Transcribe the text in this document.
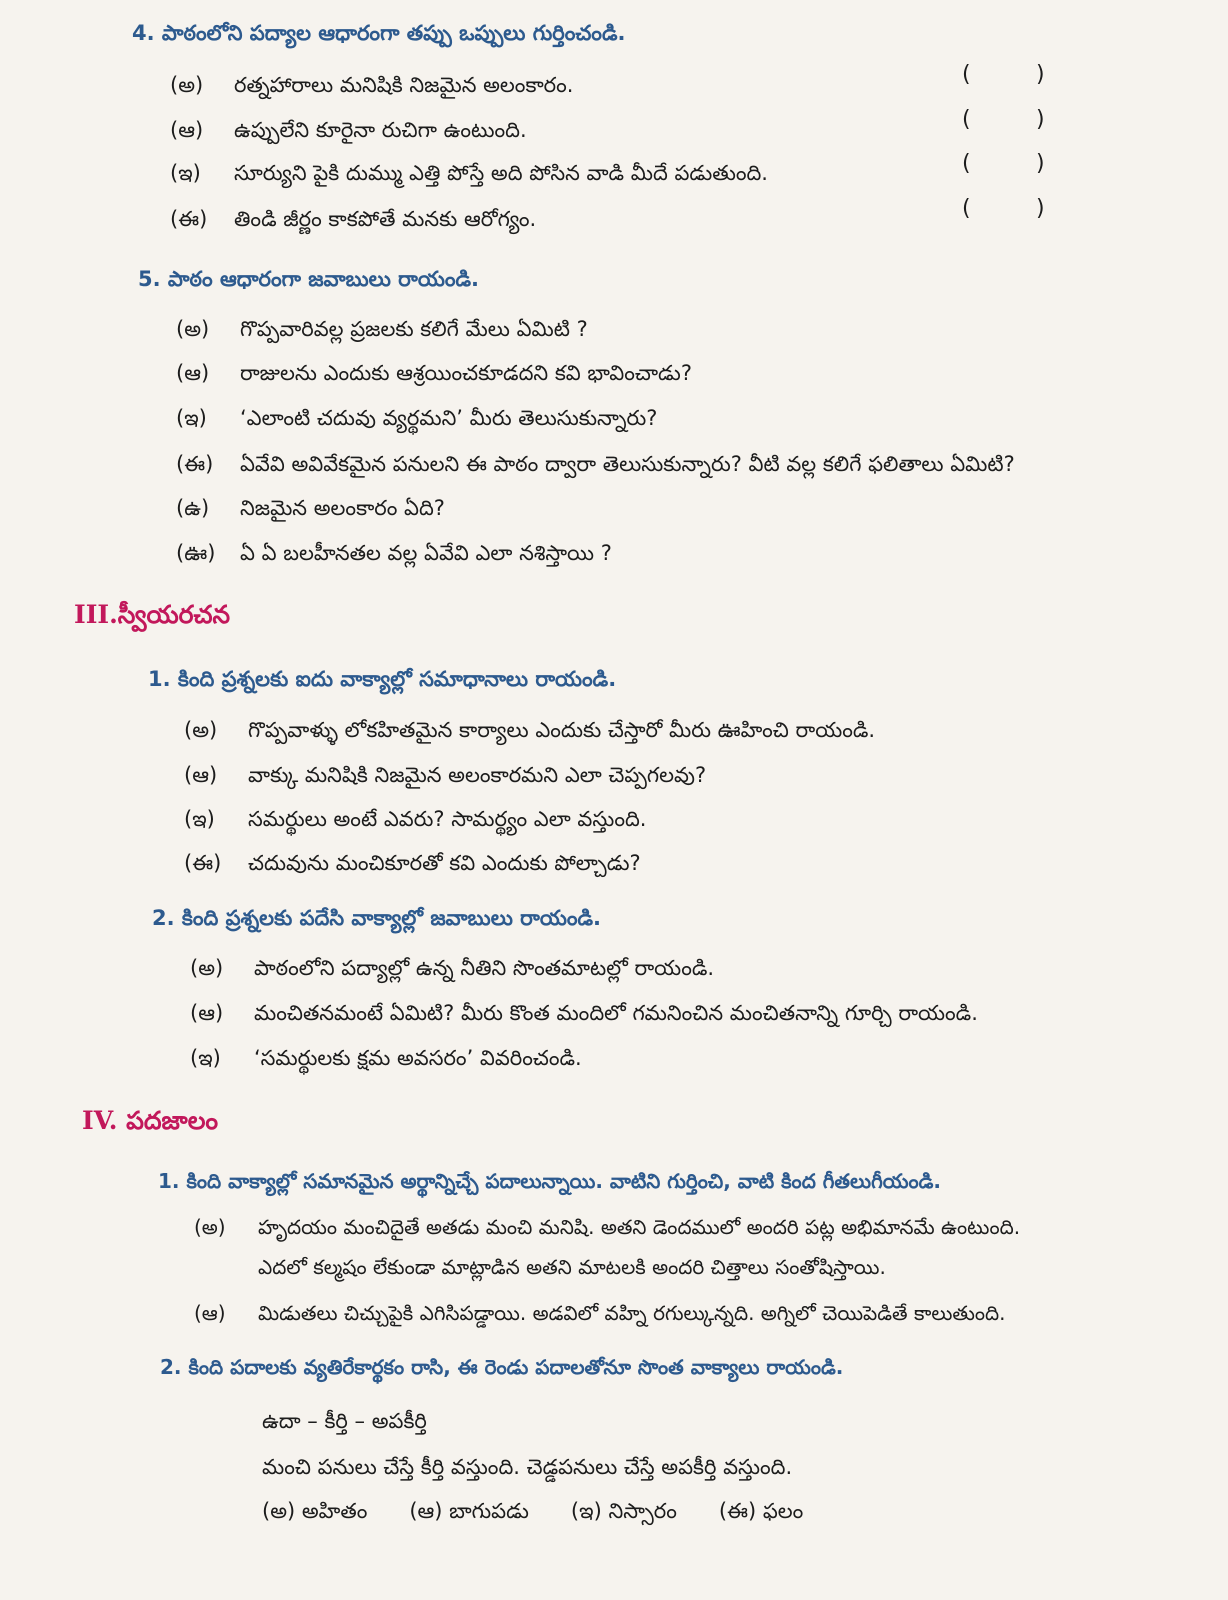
4. పాఠంలోని పద్యాల ఆధారంగా తప్పు ఒప్పులు గుర్తించండి.
(అ) రత్నహారాలు మనిషికి నిజమైన అలంకారం.	(	)
(ఆ) ఉప్పులేని కూరైనా రుచిగా ఉంటుంది.	(	)
(ఇ) సూర్యుని పైకి దుమ్ము ఎత్తి పోస్తే అది పోసిన వాడి మీదే పడుతుంది.	(	)
(ఈ) తిండి జీర్ణం కాకపోతే మనకు ఆరోగ్యం.	(	)
5. పాఠం ఆధారంగా జవాబులు రాయండి.
(అ) గొప్పవారివల్ల ప్రజలకు కలిగే మేలు ఏమిటి ?
(ఆ) రాజులను ఎందుకు ఆశ్రయించకూడదని కవి భావించాడు?
(ఇ) ‘ఎలాంటి చదువు వ్యర్థమని’ మీరు తెలుసుకున్నారు?
(ఈ) ఏవేవి అవివేకమైన పనులని ఈ పాఠం ద్వారా తెలుసుకున్నారు? వీటి వల్ల కలిగే ఫలితాలు ఏమిటి?
(ఉ) నిజమైన అలంకారం ఏది?
(ఊ) ఏ ఏ బలహీనతల వల్ల ఏవేవి ఎలా నశిస్తాయి ?
III.స్వీయరచన
1. కింది ప్రశ్నలకు ఐదు వాక్యాల్లో సమాధానాలు రాయండి.
(అ) గొప్పవాళ్ళు లోకహితమైన కార్యాలు ఎందుకు చేస్తారో మీరు ఊహించి రాయండి.
(ఆ) వాక్కు మనిషికి నిజమైన అలంకారమని ఎలా చెప్పగలవు?
(ఇ) సమర్థులు అంటే ఎవరు? సామర్థ్యం ఎలా వస్తుంది.
(ఈ) చదువును మంచికూరతో కవి ఎందుకు పోల్చాడు?
2. కింది ప్రశ్నలకు పదేసి వాక్యాల్లో జవాబులు రాయండి.
(అ) పాఠంలోని పద్యాల్లో ఉన్న నీతిని సొంతమాటల్లో రాయండి.
(ఆ) మంచితనమంటే ఏమిటి? మీరు కొంత మందిలో గమనించిన మంచితనాన్ని గూర్చి రాయండి.
(ఇ) ‘సమర్థులకు క్షమ అవసరం’ వివరించండి.
IV. పదజాలం
1. కింది వాక్యాల్లో సమానమైన అర్థాన్నిచ్చే పదాలున్నాయి. వాటిని గుర్తించి, వాటి కింద గీతలుగీయండి.
(అ) హృదయం మంచిదైతే అతడు మంచి మనిషి. అతని డెందములో అందరి పట్ల అభిమానమే ఉంటుంది.
ఎదలో కల్మషం లేకుండా మాట్లాడిన అతని మాటలకి అందరి చిత్తాలు సంతోషిస్తాయి.
(ఆ) మిడుతలు చిచ్చుపైకి ఎగిసిపడ్డాయి. అడవిలో వహ్ని రగుల్కున్నది. అగ్నిలో చెయిపెడితే కాలుతుంది.
2. కింది పదాలకు వ్యతిరేకార్థకం రాసి, ఈ రెండు పదాలతోనూ సొంత వాక్యాలు రాయండి.
ఉదా – కీర్తి – అపకీర్తి
మంచి పనులు చేస్తే కీర్తి వస్తుంది. చెడ్డపనులు చేస్తే అపకీర్తి వస్తుంది.
(అ) అహితం (ఆ) బాగుపడు (ఇ) నిస్సారం (ఈ) ఫలం
